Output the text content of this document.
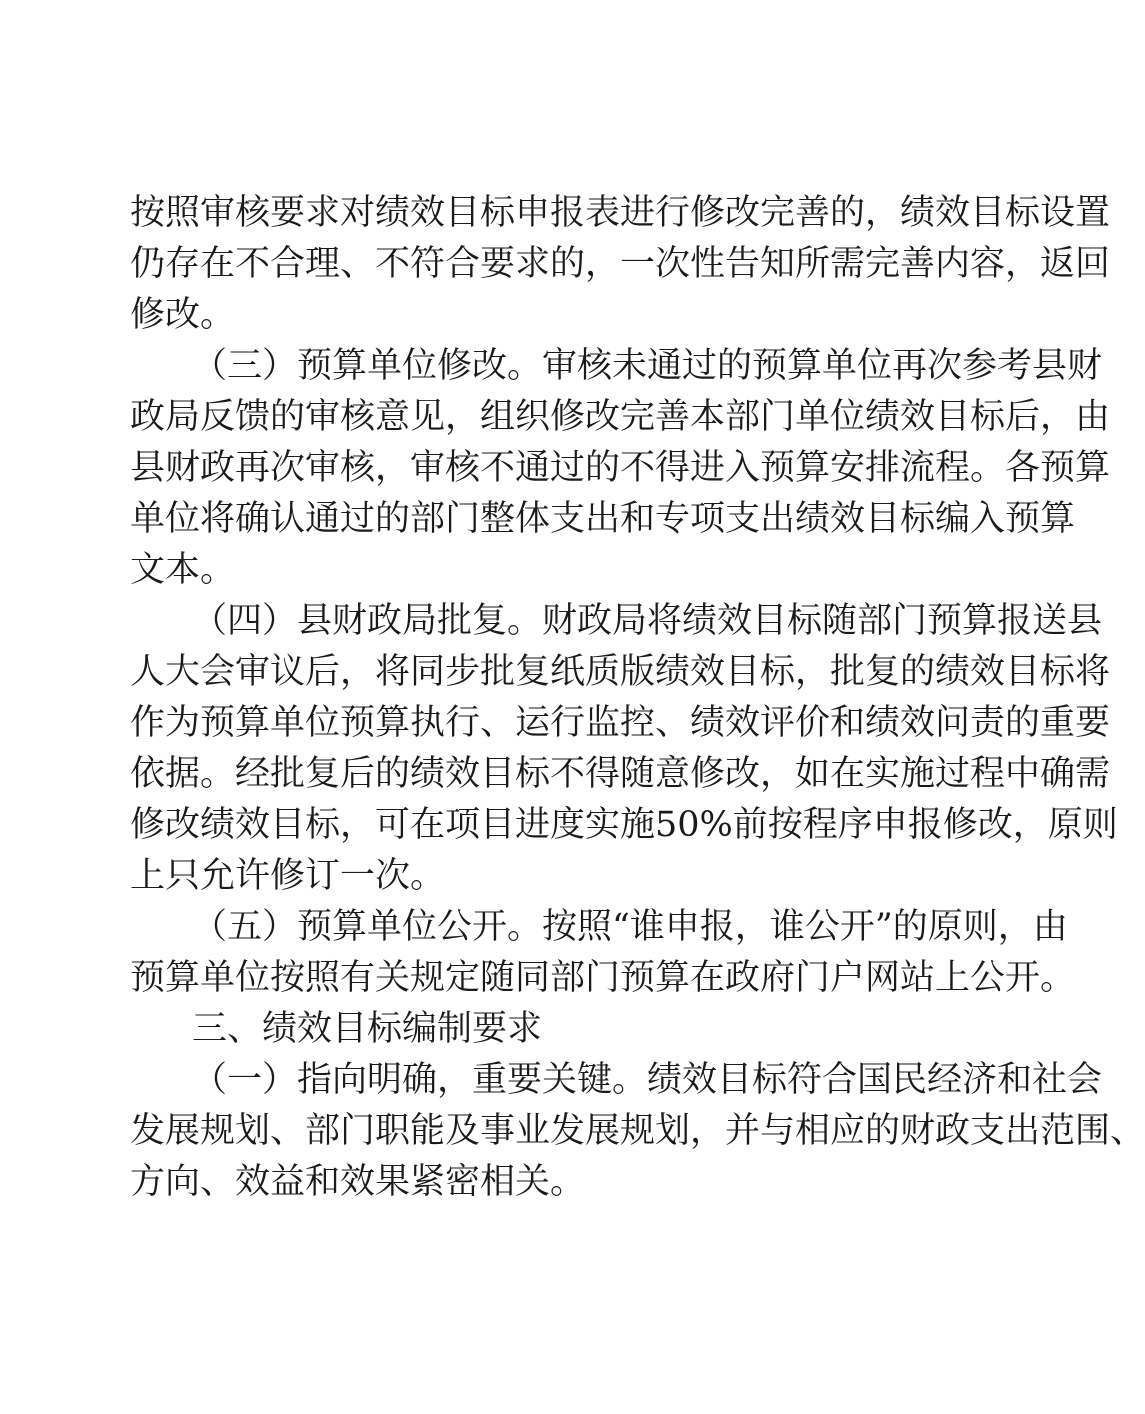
按照审核要求对绩效目标申报表进行修改完善的，绩效目标设置
仍存在不合理、不符合要求的，一次性告知所需完善内容，返回
修改。
（三）预算单位修改。审核未通过的预算单位再次参考县财
政局反馈的审核意见，组织修改完善本部门单位绩效目标后，由
县财政再次审核，审核不通过的不得进入预算安排流程。各预算
单位将确认通过的部门整体支出和专项支出绩效目标编入预算
文本。
（四）县财政局批复。财政局将绩效目标随部门预算报送县
人大会审议后，将同步批复纸质版绩效目标，批复的绩效目标将
作为预算单位预算执行、运行监控、绩效评价和绩效问责的重要
依据。经批复后的绩效目标不得随意修改，如在实施过程中确需
修改绩效目标，可在项目进度实施50%前按程序申报修改，原则
上只允许修订一次。
（五）预算单位公开。按照“谁申报，谁公开”的原则，由
预算单位按照有关规定随同部门预算在政府门户网站上公开。
三、绩效目标编制要求
（一）指向明确，重要关键。绩效目标符合国民经济和社会
发展规划、部门职能及事业发展规划，并与相应的财政支出范围、
方向、效益和效果紧密相关。
